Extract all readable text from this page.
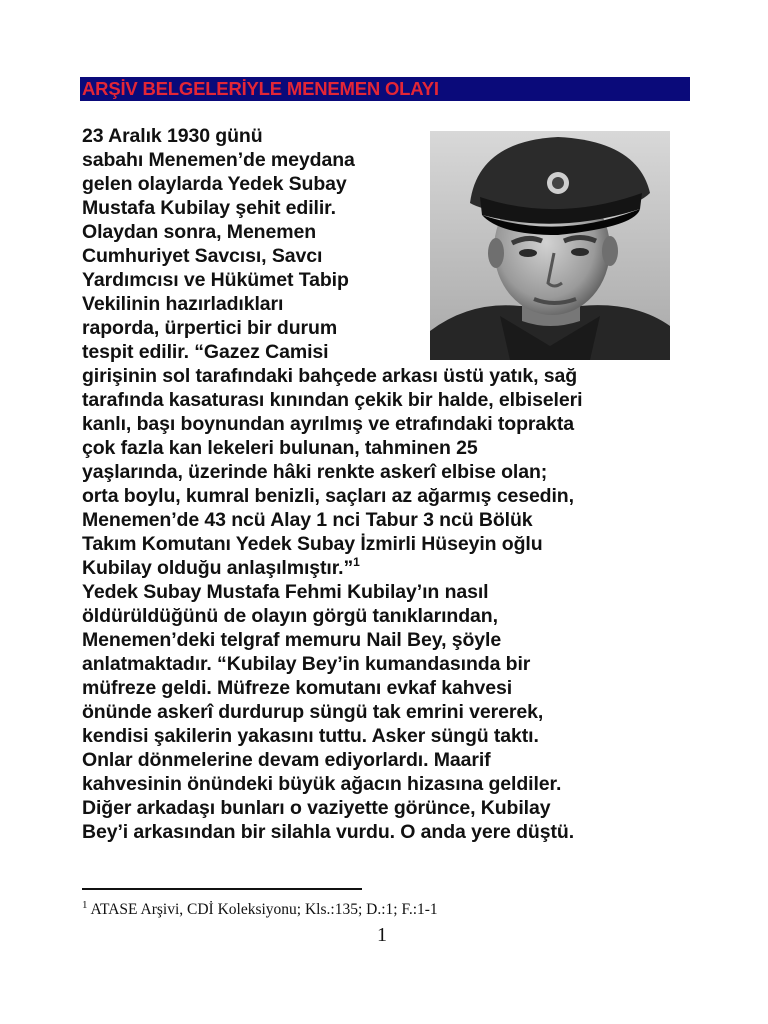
ARŞİV BELGELERİYLE MENEMEN OLAYI
23 Aralık 1930 günü
sabahı Menemen’de meydana
gelen olaylarda Yedek Subay
Mustafa Kubilay şehit edilir.
Olaydan sonra, Menemen
Cumhuriyet Savcısı, Savcı
Yardımcısı ve Hükümet Tabip
Vekilinin hazırladıkları
raporda, ürpertici bir durum
tespit edilir. “Gazez Camisi
girişinin sol tarafındaki bahçede arkası üstü yatık, sağ
tarafında kasaturası kınından çekik bir halde, elbiseleri
kanlı, başı boynundan ayrılmış ve etrafındaki toprakta
çok fazla kan lekeleri bulunan, tahminen 25
yaşlarında, üzerinde hâki renkte askerî elbise olan;
orta boylu, kumral benizli, saçları az ağarmış cesedin,
Menemen’de 43 ncü Alay 1 nci Tabur 3 ncü Bölük
Takım Komutanı Yedek Subay İzmirli Hüseyin oğlu
Kubilay olduğu anlaşılmıştır.”$^1$
Yedek Subay Mustafa Fehmi Kubilay’ın nasıl
öldürüldüğünü de olayın görgü tanıklarından,
Menemen’deki telgraf memuru Nail Bey, şöyle
anlatmaktadır. “Kubilay Bey’in kumandasında bir
müfreze geldi. Müfreze komutanı evkaf kahvesi
önünde askerî durdurup süngü tak emrini vererek,
kendisi şakilerin yakasını tuttu. Asker süngü taktı.
Onlar dönmelerine devam ediyorlardı. Maarif
kahvesinin önündeki büyük ağacın hizasına geldiler.
Diğer arkadaşı bunları o vaziyette görünce, Kubilay
Bey’i arkasından bir silahla vurdu. O anda yere düştü.
$^1$ ATASE Arşivi, CDİ Koleksiyonu; Kls.:135; D.:1; F.:1-1
1
